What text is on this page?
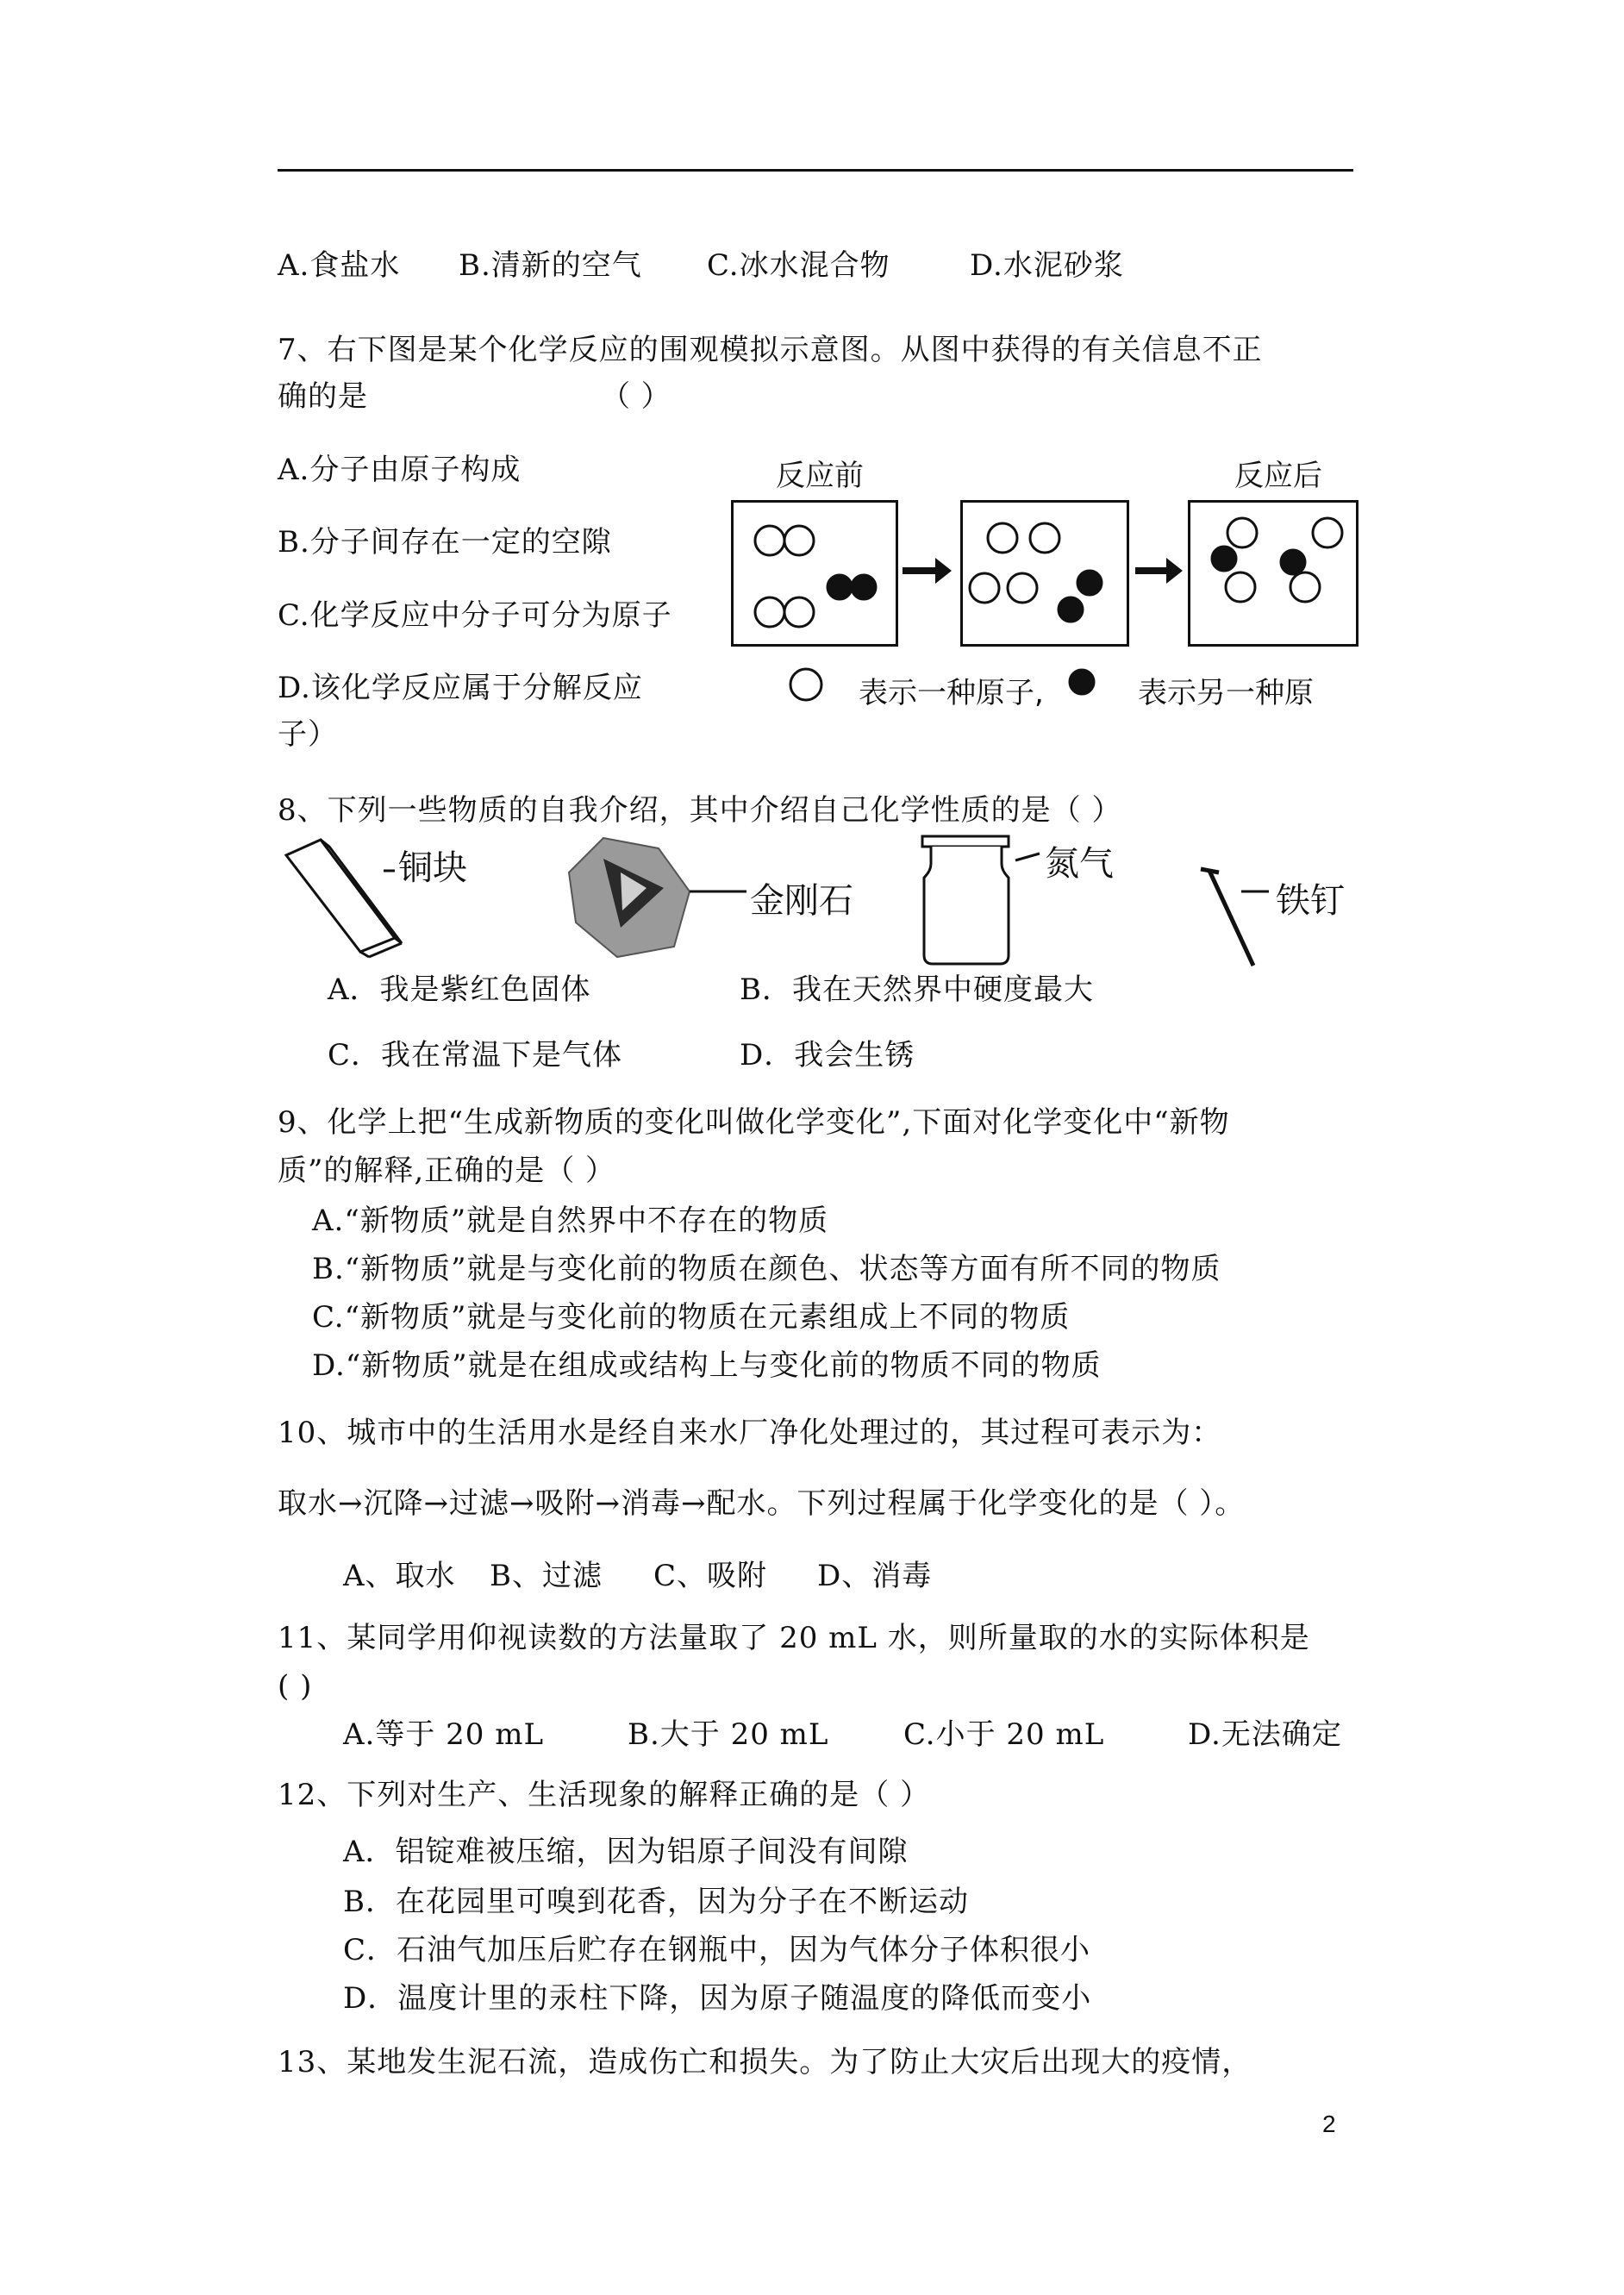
A.食盐水 B.清新的空气 C.冰水混合物	D.水泥砂浆
7、右下图是某个化学反应的围观模拟示意图。从图中获得的有关信息不正
确的是	（ ）
A.分子由原子构成
B.分子间存在一定的空隙
C.化学反应中分子可分为原子
D.该化学反应属于分解反应
子）
反应前	反应后
表示一种原子,	表示另一种原
8、下列一些物质的自我介绍，其中介绍自己化学性质的是（ ）
铜块
金刚石
氮气
铁钉
A．我是紫红色固体	B．我在天然界中硬度最大
C．我在常温下是气体	D．我会生锈
9、化学上把“生成新物质的变化叫做化学变化”,下面对化学变化中“新物
质”的解释,正确的是（ ）
A.“新物质”就是自然界中不存在的物质
B.“新物质”就是与变化前的物质在颜色、状态等方面有所不同的物质
C.“新物质”就是与变化前的物质在元素组成上不同的物质
D.“新物质”就是在组成或结构上与变化前的物质不同的物质
10、城市中的生活用水是经自来水厂净化处理过的，其过程可表示为：
取水→沉降→过滤→吸附→消毒→配水。下列过程属于化学变化的是（ ）。
A、取水 B、过滤 C、吸附 D、消毒
11、某同学用仰视读数的方法量取了 20 mL 水，则所量取的水的实际体积是
( )
A.等于 20 mL	B.大于 20 mL	C.小于 20 mL	D.无法确定
12、下列对生产、生活现象的解释正确的是（ ）
A．铝锭难被压缩，因为铝原子间没有间隙
B．在花园里可嗅到花香，因为分子在不断运动
C．石油气加压后贮存在钢瓶中，因为气体分子体积很小
D．温度计里的汞柱下降，因为原子随温度的降低而变小
13、某地发生泥石流，造成伤亡和损失。为了防止大灾后出现大的疫情，
2
